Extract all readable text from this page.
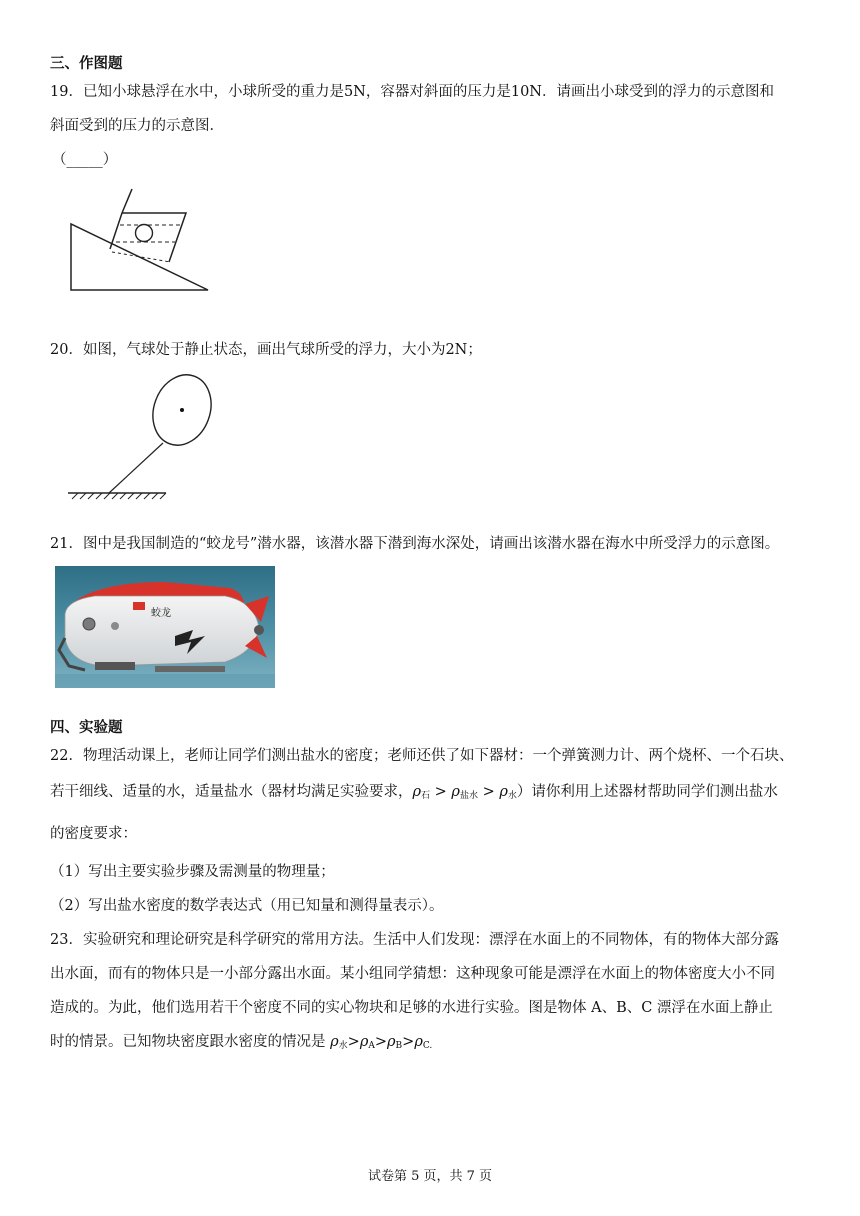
三、作图题
19．已知小球悬浮在水中，小球所受的重力是5N，容器对斜面的压力是10N．请画出小球受到的浮力的示意图和
斜面受到的压力的示意图．
（_____）
20．如图，气球处于静止状态，画出气球所受的浮力，大小为2N；
21．图中是我国制造的“蛟龙号”潜水器，该潜水器下潜到海水深处，请画出该潜水器在海水中所受浮力的示意图。
蛟龙
四、实验题
22．物理活动课上，老师让同学们测出盐水的密度；老师还供了如下器材：一个弹簧测力计、两个烧杯、一个石块、
若干细线、适量的水，适量盐水（器材均满足实验要求，$\rho_石 > \rho_{盐水} > \rho_水$）请你利用上述器材帮助同学们测出盐水
的密度要求：
（1）写出主要实验步骤及需测量的物理量；
（2）写出盐水密度的数学表达式（用已知量和测得量表示）。
23．实验研究和理论研究是科学研究的常用方法。生活中人们发现：漂浮在水面上的不同物体，有的物体大部分露
出水面，而有的物体只是一小部分露出水面。某小组同学猜想：这种现象可能是漂浮在水面上的物体密度大小不同
造成的。为此，他们选用若干个密度不同的实心物块和足够的水进行实验。图是物体 A、B、C 漂浮在水面上静止
时的情景。已知物块密度跟水密度的情况是 $\rho_水>\rho_A>\rho_B>\rho_{C.}$
试卷第 5 页，共 7 页
